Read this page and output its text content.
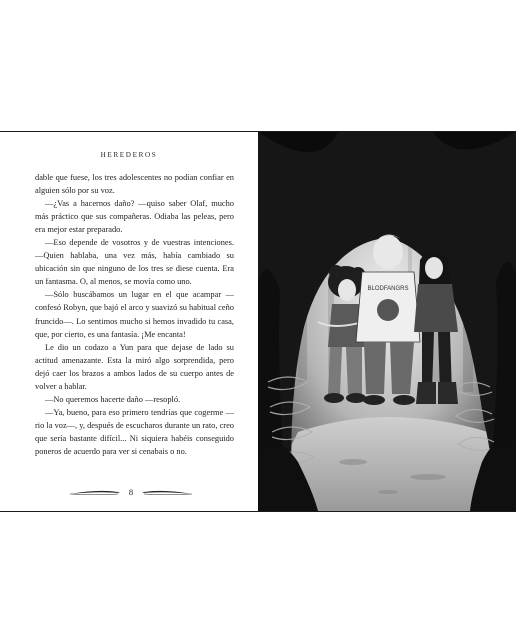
HEREDEROS

dable que fuese, los tres adolescentes no podían confiar en alguien sólo por su voz.

—¿Vas a hacernos daño? —quiso saber Olaf, mucho más práctico que sus compañeras. Odiaba las peleas, pero era mejor estar preparado.

—Eso depende de vosotros y de vuestras intenciones. —Quien hablaba, una vez más, había cambiado su ubicación sin que ninguno de los tres se diese cuenta. Era un fantasma. O, al menos, se movía como uno.

—Sólo buscábamos un lugar en el que acampar —confesó Robyn, que bajó el arco y suavizó su habitual ceño fruncido—. Lo sentimos mucho si hemos invadido tu casa, que, por cierto, es una fantasía. ¡Me encanta!

Le dio un codazo a Yun para que dejase de lado su actitud amenazante. Esta la miró algo sorprendida, pero dejó caer los brazos a ambos lados de su cuerpo antes de volver a hablar.

—No queremos hacerte daño —resopló.

—Ya, bueno, para eso primero tendrías que cogerme —rio la voz—, y, después de escucharos durante un rato, creo que sería bastante difícil... Ni siquiera habéis conseguido poneros de acuerdo para ver si cenabais o no.

8
BLODFANGRS
